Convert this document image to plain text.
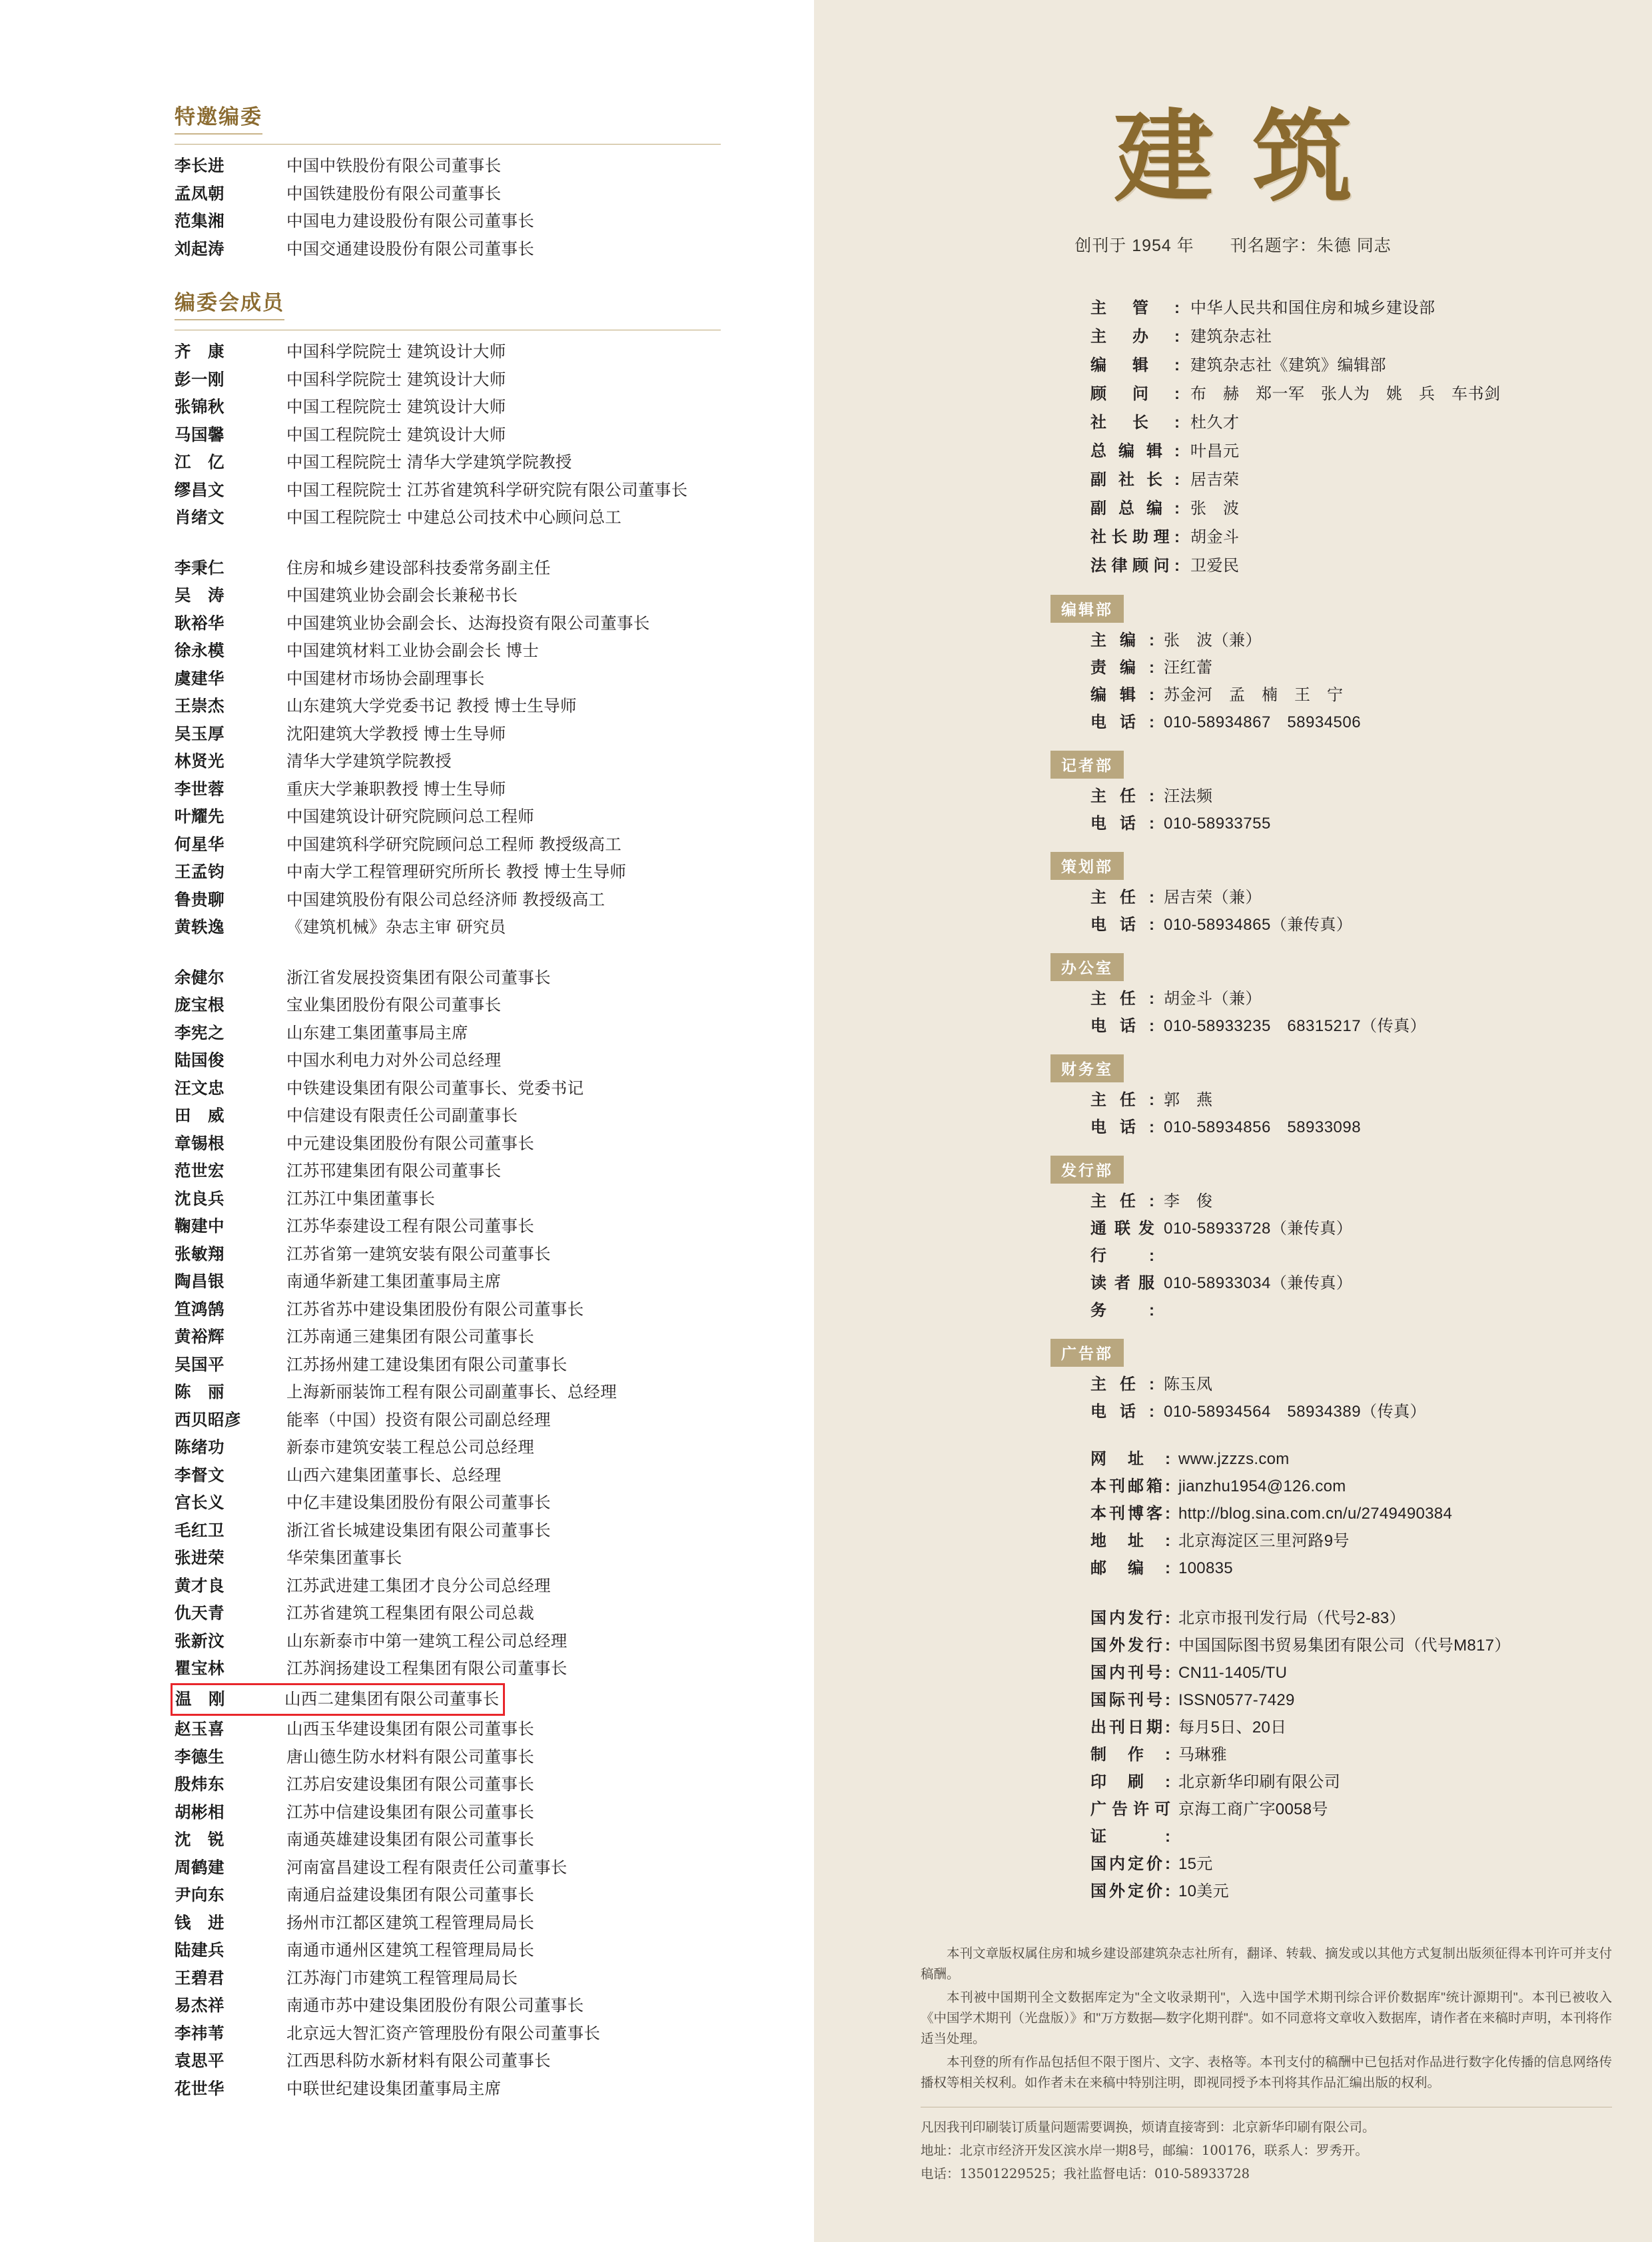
特邀编委
李长进	中国中铁股份有限公司董事长
孟凤朝	中国铁建股份有限公司董事长
范集湘	中国电力建设股份有限公司董事长
刘起涛	中国交通建设股份有限公司董事长
编委会成员
齐　康	中国科学院院士 建筑设计大师
彭一刚	中国科学院院士 建筑设计大师
张锦秋	中国工程院院士 建筑设计大师
马国馨	中国工程院院士 建筑设计大师
江　亿	中国工程院院士 清华大学建筑学院教授
缪昌文	中国工程院院士 江苏省建筑科学研究院有限公司董事长
肖绪文	中国工程院院士 中建总公司技术中心顾问总工
李秉仁	住房和城乡建设部科技委常务副主任
吴　涛	中国建筑业协会副会长兼秘书长
耿裕华	中国建筑业协会副会长、达海投资有限公司董事长
徐永模	中国建筑材料工业协会副会长 博士
虞建华	中国建材市场协会副理事长
王崇杰	山东建筑大学党委书记 教授 博士生导师
吴玉厚	沈阳建筑大学教授 博士生导师
林贤光	清华大学建筑学院教授
李世蓉	重庆大学兼职教授 博士生导师
叶耀先	中国建筑设计研究院顾问总工程师
何星华	中国建筑科学研究院顾问总工程师 教授级高工
王孟钧	中南大学工程管理研究所所长 教授 博士生导师
鲁贵聊	中国建筑股份有限公司总经济师 教授级高工
黄轶逸	《建筑机械》杂志主审 研究员
余健尔	浙江省发展投资集团有限公司董事长
庞宝根	宝业集团股份有限公司董事长
李宪之	山东建工集团董事局主席
陆国俊	中国水利电力对外公司总经理
汪文忠	中铁建设集团有限公司董事长、党委书记
田　威	中信建设有限责任公司副董事长
章锡根	中元建设集团股份有限公司董事长
范世宏	江苏邗建集团有限公司董事长
沈良兵	江苏江中集团董事长
鞠建中	江苏华泰建设工程有限公司董事长
张敏翔	江苏省第一建筑安装有限公司董事长
陶昌银	南通华新建工集团董事局主席
笪鸿鹄	江苏省苏中建设集团股份有限公司董事长
黄裕辉	江苏南通三建集团有限公司董事长
吴国平	江苏扬州建工建设集团有限公司董事长
陈　丽	上海新丽装饰工程有限公司副董事长、总经理
西贝昭彦	能率（中国）投资有限公司副总经理
陈绪功	新泰市建筑安装工程总公司总经理
李督文	山西六建集团董事长、总经理
宫长义	中亿丰建设集团股份有限公司董事长
毛红卫	浙江省长城建设集团有限公司董事长
张进荣	华荣集团董事长
黄才良	江苏武进建工集团才良分公司总经理
仇天青	江苏省建筑工程集团有限公司总裁
张新汶	山东新泰市中第一建筑工程公司总经理
瞿宝林	江苏润扬建设工程集团有限公司董事长
温　刚	山西二建集团有限公司董事长
赵玉喜	山西玉华建设集团有限公司董事长
李德生	唐山德生防水材料有限公司董事长
殷炜东	江苏启安建设集团有限公司董事长
胡彬相	江苏中信建设集团有限公司董事长
沈　锐	南通英雄建设集团有限公司董事长
周鹤建	河南富昌建设工程有限责任公司董事长
尹向东	南通启益建设集团有限公司董事长
钱　进	扬州市江都区建筑工程管理局局长
陆建兵	南通市通州区建筑工程管理局局长
王碧君	江苏海门市建筑工程管理局局长
易杰祥	南通市苏中建设集团股份有限公司董事长
李祎苇	北京远大智汇资产管理股份有限公司董事长
袁思平	江西思科防水新材料有限公司董事长
花世华	中联世纪建设集团董事局主席
建筑
创刊于 1954 年 刊名题字：朱德 同志
主管: 中华人民共和国住房和城乡建设部
主办: 建筑杂志社
编辑: 建筑杂志社《建筑》编辑部
顾问: 布　赫　郑一军　张人为　姚　兵　车书剑
社长: 杜久才
总编辑: 叶昌元
副社长: 居吉荣
副总编: 张　波
社长助理: 胡金斗
法律顾问: 卫爱民
编辑部
主编: 张　波（兼）
责编: 汪红蕾
编辑: 苏金河　孟　楠　王　宁
电话: 010-58934867　58934506
记者部
主任: 汪法频
电话: 010-58933755
策划部
主任: 居吉荣（兼）
电话: 010-58934865（兼传真）
办公室
主任: 胡金斗（兼）
电话: 010-58933235　68315217（传真）
财务室
主任: 郭　燕
电话: 010-58934856　58933098
发行部
主任: 李　俊
通联发行:
010-58933728（兼传真）
读者服务:
010-58933034（兼传真）
广告部
主任: 陈玉凤
电话: 010-58934564　58934389（传真）
网址: www.jzzzs.com
本刊邮箱: jianzhu1954@126.com
本刊博客: http://blog.sina.com.cn/u/2749490384
地址: 北京海淀区三里河路9号
邮编: 100835
国内发行: 北京市报刊发行局（代号2-83）
国外发行: 中国国际图书贸易集团有限公司（代号M817）
国内刊号: CN11-1405/TU
国际刊号: ISSN0577-7429
出刊日期: 每月5日、20日
制作: 马琳雅
印刷: 北京新华印刷有限公司
广告许可证:
京海工商广字0058号
国内定价: 15元
国外定价: 10美元

本刊文章版权属住房和城乡建设部建筑杂志社所有，翻译、转载、摘发或以其他方式复制出版须征得本刊许可并支付稿酬。

本刊被中国期刊全文数据库定为"全文收录期刊"，入选中国学术期刊综合评价数据库"统计源期刊"。本刊已被收入《中国学术期刊（光盘版）》和"万方数据—数字化期刊群"。如不同意将文章收入数据库，请作者在来稿时声明，本刊将作适当处理。

本刊登的所有作品包括但不限于图片、文字、表格等。本刊支付的稿酬中已包括对作品进行数字化传播的信息网络传播权等相关权利。如作者未在来稿中特别注明，即视同授予本刊将其作品汇编出版的权利。

凡因我刊印刷装订质量问题需要调换，烦请直接寄到：北京新华印刷有限公司。

地址：北京市经济开发区滨水岸一期8号，邮编：100176，联系人：罗秀开。

电话：13501229525；我社监督电话：010-58933728
